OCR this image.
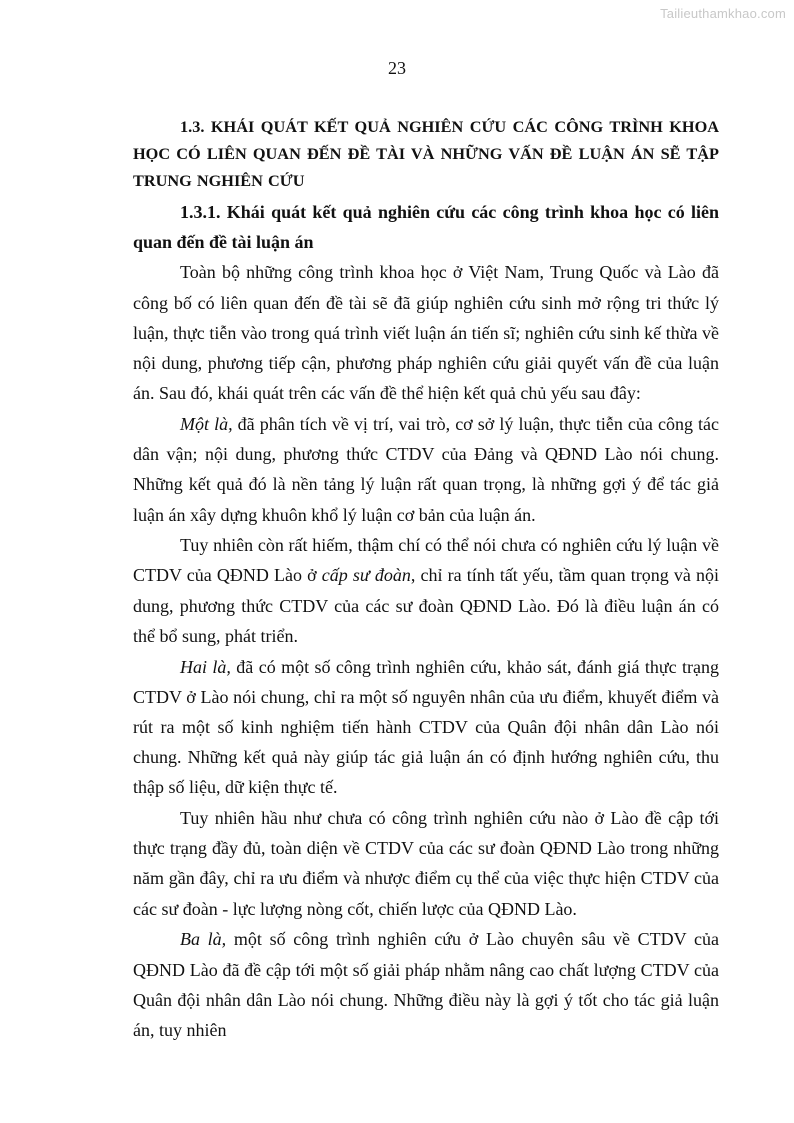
Tailieuthamkhao.com
23

1.3. KHÁI QUÁT KẾT QUẢ NGHIÊN CỨU CÁC CÔNG TRÌNH KHOA HỌC CÓ LIÊN QUAN ĐẾN ĐỀ TÀI VÀ NHỮNG VẤN ĐỀ LUẬN ÁN SẼ TẬP TRUNG NGHIÊN CỨU

1.3.1. Khái quát kết quả nghiên cứu các công trình khoa học có liên quan đến đề tài luận án

Toàn bộ những công trình khoa học ở Việt Nam, Trung Quốc và Lào đã công bố có liên quan đến đề tài sẽ đã giúp nghiên cứu sinh mở rộng tri thức lý luận, thực tiễn vào trong quá trình viết luận án tiến sĩ; nghiên cứu sinh kế thừa về nội dung, phương tiếp cận, phương pháp nghiên cứu giải quyết vấn đề của luận án. Sau đó, khái quát trên các vấn đề thể hiện kết quả chủ yếu sau đây:

Một là, đã phân tích về vị trí, vai trò, cơ sở lý luận, thực tiễn của công tác dân vận; nội dung, phương thức CTDV của Đảng và QĐND Lào nói chung. Những kết quả đó là nền tảng lý luận rất quan trọng, là những gợi ý để tác giả luận án xây dựng khuôn khổ lý luận cơ bản của luận án.

Tuy nhiên còn rất hiếm, thậm chí có thể nói chưa có nghiên cứu lý luận về CTDV của QĐND Lào ở cấp sư đoàn, chỉ ra tính tất yếu, tầm quan trọng và nội dung, phương thức CTDV của các sư đoàn QĐND Lào. Đó là điều luận án có thể bổ sung, phát triển.

Hai là, đã có một số công trình nghiên cứu, khảo sát, đánh giá thực trạng CTDV ở Lào nói chung, chỉ ra một số nguyên nhân của ưu điểm, khuyết điểm và rút ra một số kinh nghiệm tiến hành CTDV của Quân đội nhân dân Lào nói chung. Những kết quả này giúp tác giả luận án có định hướng nghiên cứu, thu thập số liệu, dữ kiện thực tế.

Tuy nhiên hầu như chưa có công trình nghiên cứu nào ở Lào đề cập tới thực trạng đầy đủ, toàn diện về CTDV của các sư đoàn QĐND Lào trong những năm gần đây, chỉ ra ưu điểm và nhược điểm cụ thể của việc thực hiện CTDV của các sư đoàn - lực lượng nòng cốt, chiến lược của QĐND Lào.

Ba là, một số công trình nghiên cứu ở Lào chuyên sâu về CTDV của QĐND Lào đã đề cập tới một số giải pháp nhằm nâng cao chất lượng CTDV của Quân đội nhân dân Lào nói chung. Những điều này là gợi ý tốt cho tác giả luận án, tuy nhiên
